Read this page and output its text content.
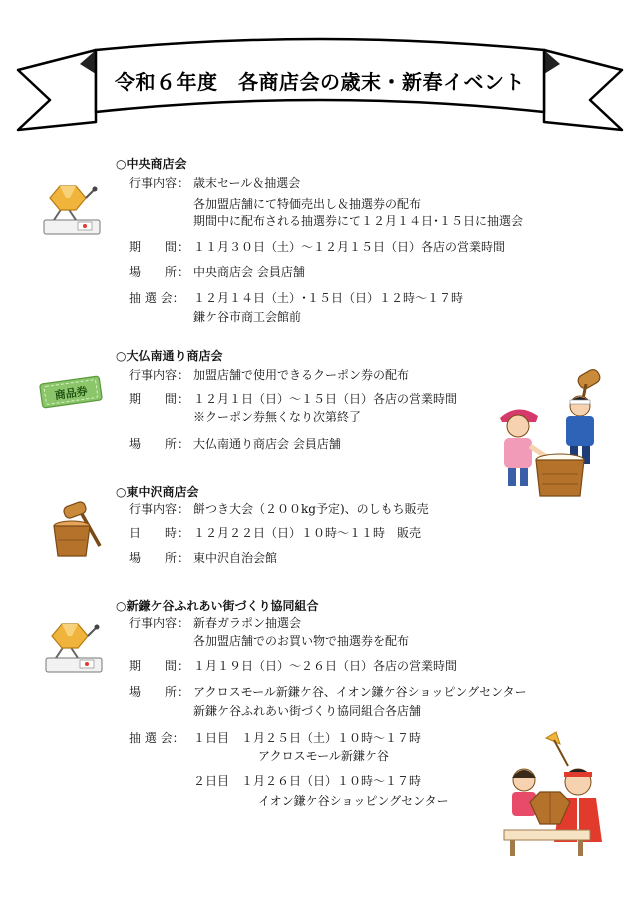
令和６年度　各商店会の歳末・新春イベント
○中央商店会
行事内容： 歳末セール＆抽選会
各加盟店舗にて特価売出し＆抽選券の配布
期間中に配布される抽選券にて１２月１４日･１５日に抽選会
期　　間： １１月３０日（土）～１２月１５日（日）各店の営業時間
場　　所： 中央商店会 会員店舗
抽 選 会： １２月１４日（土）･１５日（日）１２時～１７時
鎌ケ谷市商工会館前
○大仏南通り商店会
行事内容： 加盟店舗で使用できるクーポン券の配布
期　　間： １２月１日（日）～１５日（日）各店の営業時間
※クーポン券無くなり次第終了
場　　所： 大仏南通り商店会 会員店舗
○東中沢商店会
行事内容： 餅つき大会（２００kg予定)、のしもち販売
日　　時： １２月２２日（日）１０時～１１時　販売
場　　所： 東中沢自治会館
○新鎌ケ谷ふれあい街づくり協同組合
行事内容： 新春ガラポン抽選会
各加盟店舗でのお買い物で抽選券を配布
期　　間： １月１９日（日）～２６日（日）各店の営業時間
場　　所： アクロスモール新鎌ケ谷、イオン鎌ケ谷ショッピングセンター
新鎌ケ谷ふれあい街づくり協同組合各店舗
抽 選 会： １日目　１月２５日（土）１０時～１７時
アクロスモール新鎌ケ谷
２日目　１月２６日（日）１０時～１７時
イオン鎌ケ谷ショッピングセンター
商品券
